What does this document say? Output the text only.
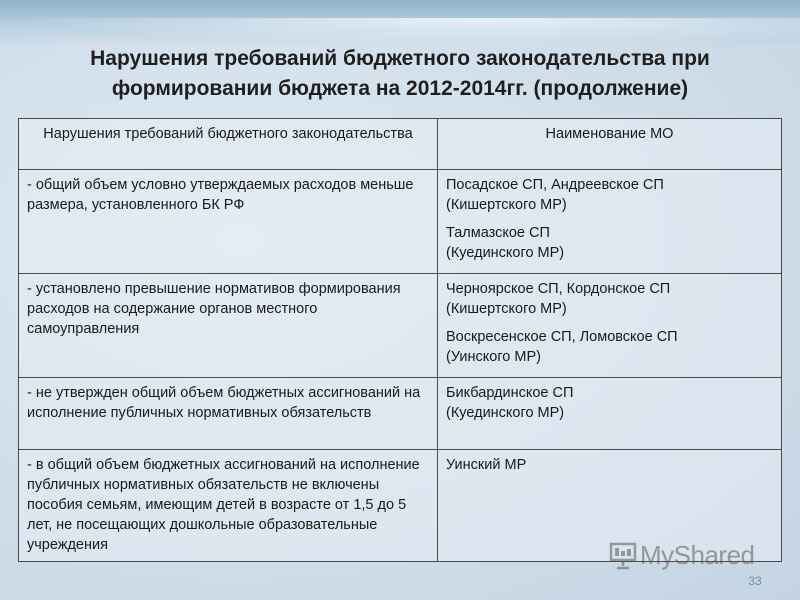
Нарушения требований бюджетного законодательства при
формировании бюджета на 2012-2014гг. (продолжение)
Нарушения требований бюджетного законодательства	Наименование МО
- общий объем условно утверждаемых расходов меньше размера, установленного БК РФ	Посадское СП, Андреевское СП
(Кишертского МР)
Талмазское СП
(Куединского МР)

- установлено превышение нормативов формирования расходов на содержание органов местного самоуправления	Черноярское СП, Кордонское СП
(Кишертского МР)
Воскресенское СП, Ломовское СП
(Уинского МР)

- не утвержден общий объем бюджетных ассигнований на исполнение публичных нормативных обязательств	Бикбардинское СП
(Куединского МР)

- в общий объем бюджетных ассигнований на исполнение публичных нормативных обязательств не включены пособия семьям, имеющим детей в возрасте от 1,5 до 5 лет, не посещающих дошкольные образовательные учреждения	Уинский МР
MyShared
33
